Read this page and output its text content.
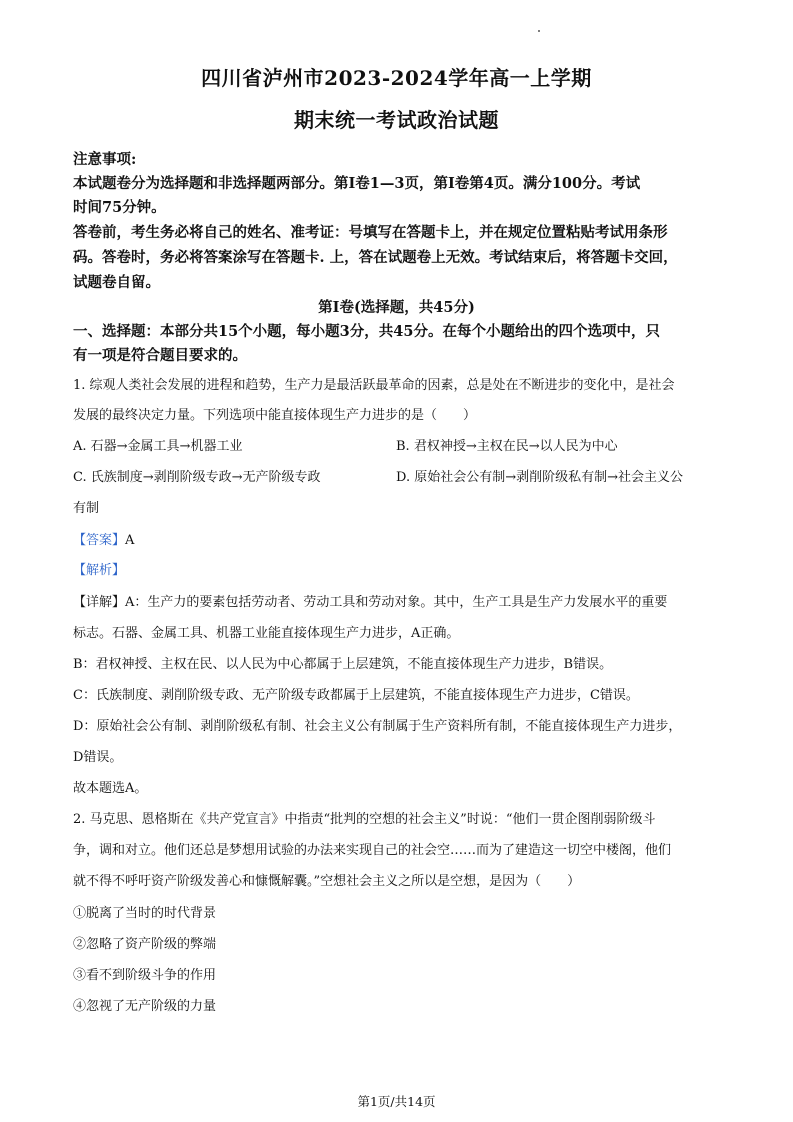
四川省泸州市2023-2024学年高一上学期
期末统一考试政治试题
注意事项:
本试题卷分为选择题和非选择题两部分。第Ⅰ卷1—3页，第Ⅰ卷第4页。满分100分。考试
时间75分钟。
答卷前，考生务必将自己的姓名、准考证：号填写在答题卡上，并在规定位置粘贴考试用条形
码。答卷时，务必将答案涂写在答题卡. 上，答在试题卷上无效。考试结束后，将答题卡交回，
试题卷自留。
第Ⅰ卷(选择题，共45分)
一、选择题：本部分共15个小题，每小题3分，共45分。在每个小题给出的四个选项中，只
有一项是符合题目要求的。
1. 综观人类社会发展的进程和趋势，生产力是最活跃最革命的因素，总是处在不断进步的变化中，是社会
发展的最终决定力量。下列选项中能直接体现生产力进步的是（　　）
A. 石器→金属工具→机器工业	B. 君权神授→主权在民→以人民为中心
C. 氏族制度→剥削阶级专政→无产阶级专政	D. 原始社会公有制→剥削阶级私有制→社会主义公
有制
【答案】A
【解析】
【详解】A：生产力的要素包括劳动者、劳动工具和劳动对象。其中，生产工具是生产力发展水平的重要
标志。石器、金属工具、机器工业能直接体现生产力进步，A正确。
B：君权神授、主权在民、以人民为中心都属于上层建筑，不能直接体现生产力进步，B错误。
C：氏族制度、剥削阶级专政、无产阶级专政都属于上层建筑，不能直接体现生产力进步，C错误。
D：原始社会公有制、剥削阶级私有制、社会主义公有制属于生产资料所有制，不能直接体现生产力进步，
D错误。
故本题选A。
2. 马克思、恩格斯在《共产党宣言》中指责“批判的空想的社会主义”时说：“他们一贯企图削弱阶级斗
争，调和对立。他们还总是梦想用试验的办法来实现自己的社会空……而为了建造这一切空中楼阁，他们
就不得不呼吁资产阶级发善心和慷慨解囊。”空想社会主义之所以是空想，是因为（　　）
①脱离了当时的时代背景
②忽略了资产阶级的弊端
③看不到阶级斗争的作用
④忽视了无产阶级的力量
第1页/共14页
